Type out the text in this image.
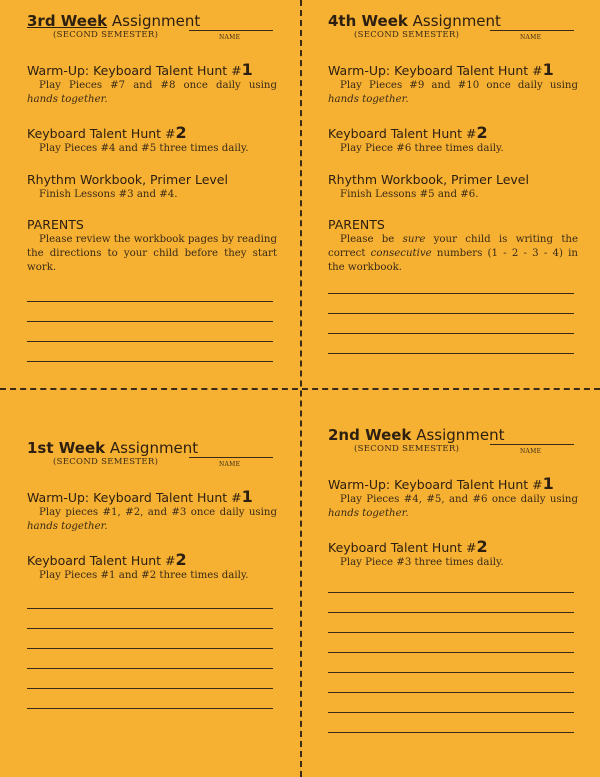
3rd Week Assignment
(SECOND SEMESTER)	NAME
Warm-Up: Keyboard Talent Hunt #1
Play Pieces #7 and #8 once daily using hands together.
Keyboard Talent Hunt #2
Play Pieces #4 and #5 three times daily.
Rhythm Workbook, Primer Level
Finish Lessons #3 and #4.
PARENTS
Please review the workbook pages by reading the directions to your child before they start work.
4th Week Assignment
(SECOND SEMESTER)	NAME
Warm-Up: Keyboard Talent Hunt #1
Play Pieces #9 and #10 once daily using hands together.
Keyboard Talent Hunt #2
Play Piece #6 three times daily.
Rhythm Workbook, Primer Level
Finish Lessons #5 and #6.
PARENTS
Please be sure your child is writing the correct consecutive numbers (1 - 2 - 3 - 4) in the workbook.
1st Week Assignment
(SECOND SEMESTER)	NAME
Warm-Up: Keyboard Talent Hunt #1
Play pieces #1, #2, and #3 once daily using hands together.
Keyboard Talent Hunt #2
Play Pieces #1 and #2 three times daily.
2nd Week Assignment
(SECOND SEMESTER)	NAME
Warm-Up: Keyboard Talent Hunt #1
Play Pieces #4, #5, and #6 once daily using hands together.
Keyboard Talent Hunt #2
Play Piece #3 three times daily.
